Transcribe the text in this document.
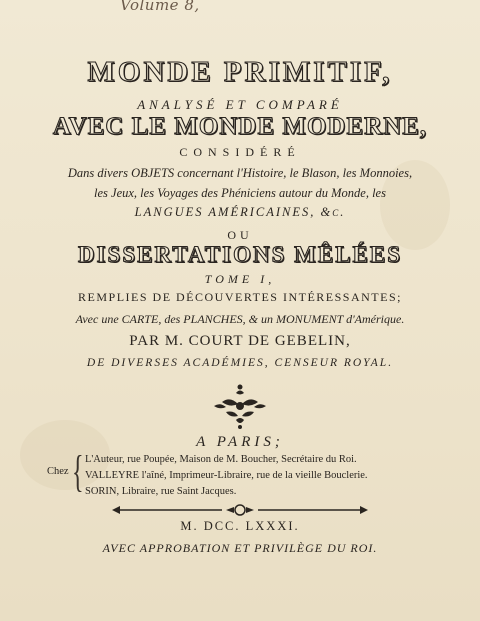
Volume 8,
MONDE PRIMITIF,
ANALYSÉ ET COMPARÉ
AVEC LE MONDE MODERNE,
CONSIDÉRÉ
Dans divers OBJETS concernant l'Histoire, le Blason, les Monnoies,
les Jeux, les Voyages des Phéniciens autour du Monde, les
LANGUES AMÉRICAINES, &c.
OU
DISSERTATIONS MÊLÉES
TOME I,
REMPLIES DE DÉCOUVERTES INTÉRESSANTES;
Avec une CARTE, des PLANCHES, & un MONUMENT d'Amérique.
PAR M. COURT DE GEBELIN,
DE DIVERSES ACADÉMIES, CENSEUR ROYAL.
A PARIS;
Chez { L'Auteur, rue Poupée, Maison de M. Boucher, Secrétaire du Roi.
VALLEYRE l'aîné, Imprimeur-Libraire, rue de la vieille Bouclerie.
SORIN, Libraire, rue Saint Jacques.
M. DCC. LXXXI.
AVEC APPROBATION ET PRIVILÈGE DU ROI.
